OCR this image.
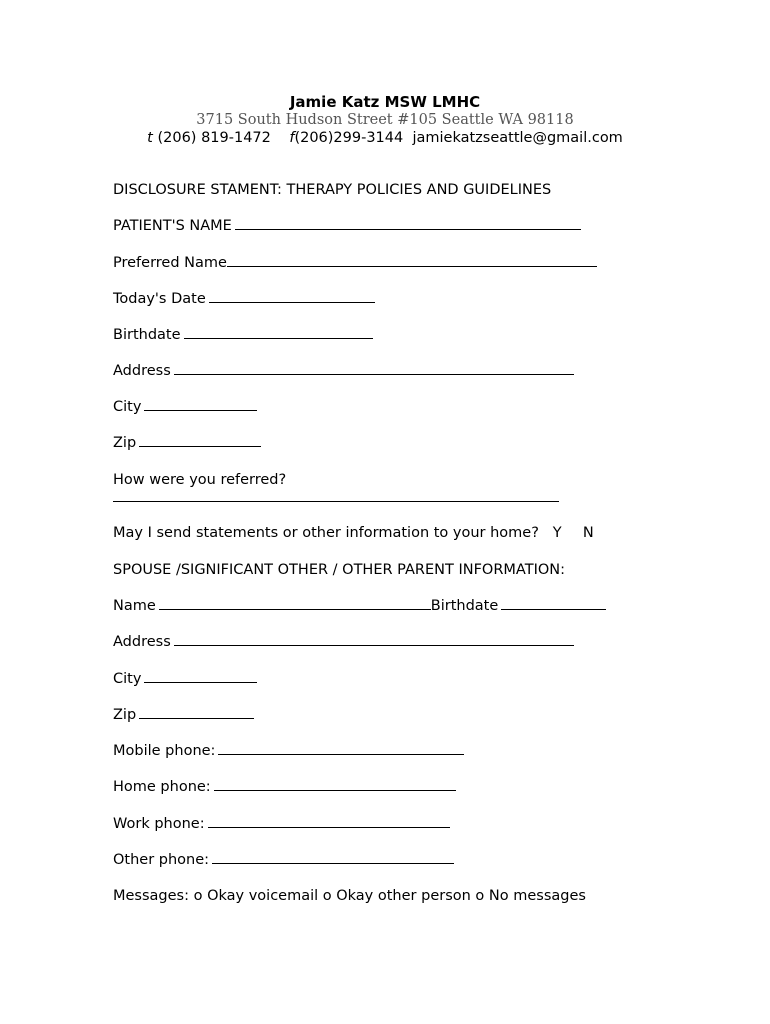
Jamie Katz MSW LMHC
3715 South Hudson Street #105 Seattle WA 98118
t (206) 819-1472 f(206)299-3144 jamiekatzseattle@gmail.com
DISCLOSURE STAMENT: THERAPY POLICIES AND GUIDELINES
PATIENT'S NAME
Preferred Name
Today's Date
Birthdate
Address
City
Zip
How were you referred?
May I send statements or other information to your home? Y N
SPOUSE /SIGNIFICANT OTHER / OTHER PARENT INFORMATION:
Name	Birthdate
Address
City
Zip
Mobile phone:
Home phone:
Work phone:
Other phone:
Messages: o Okay voicemail o Okay other person o No messages
